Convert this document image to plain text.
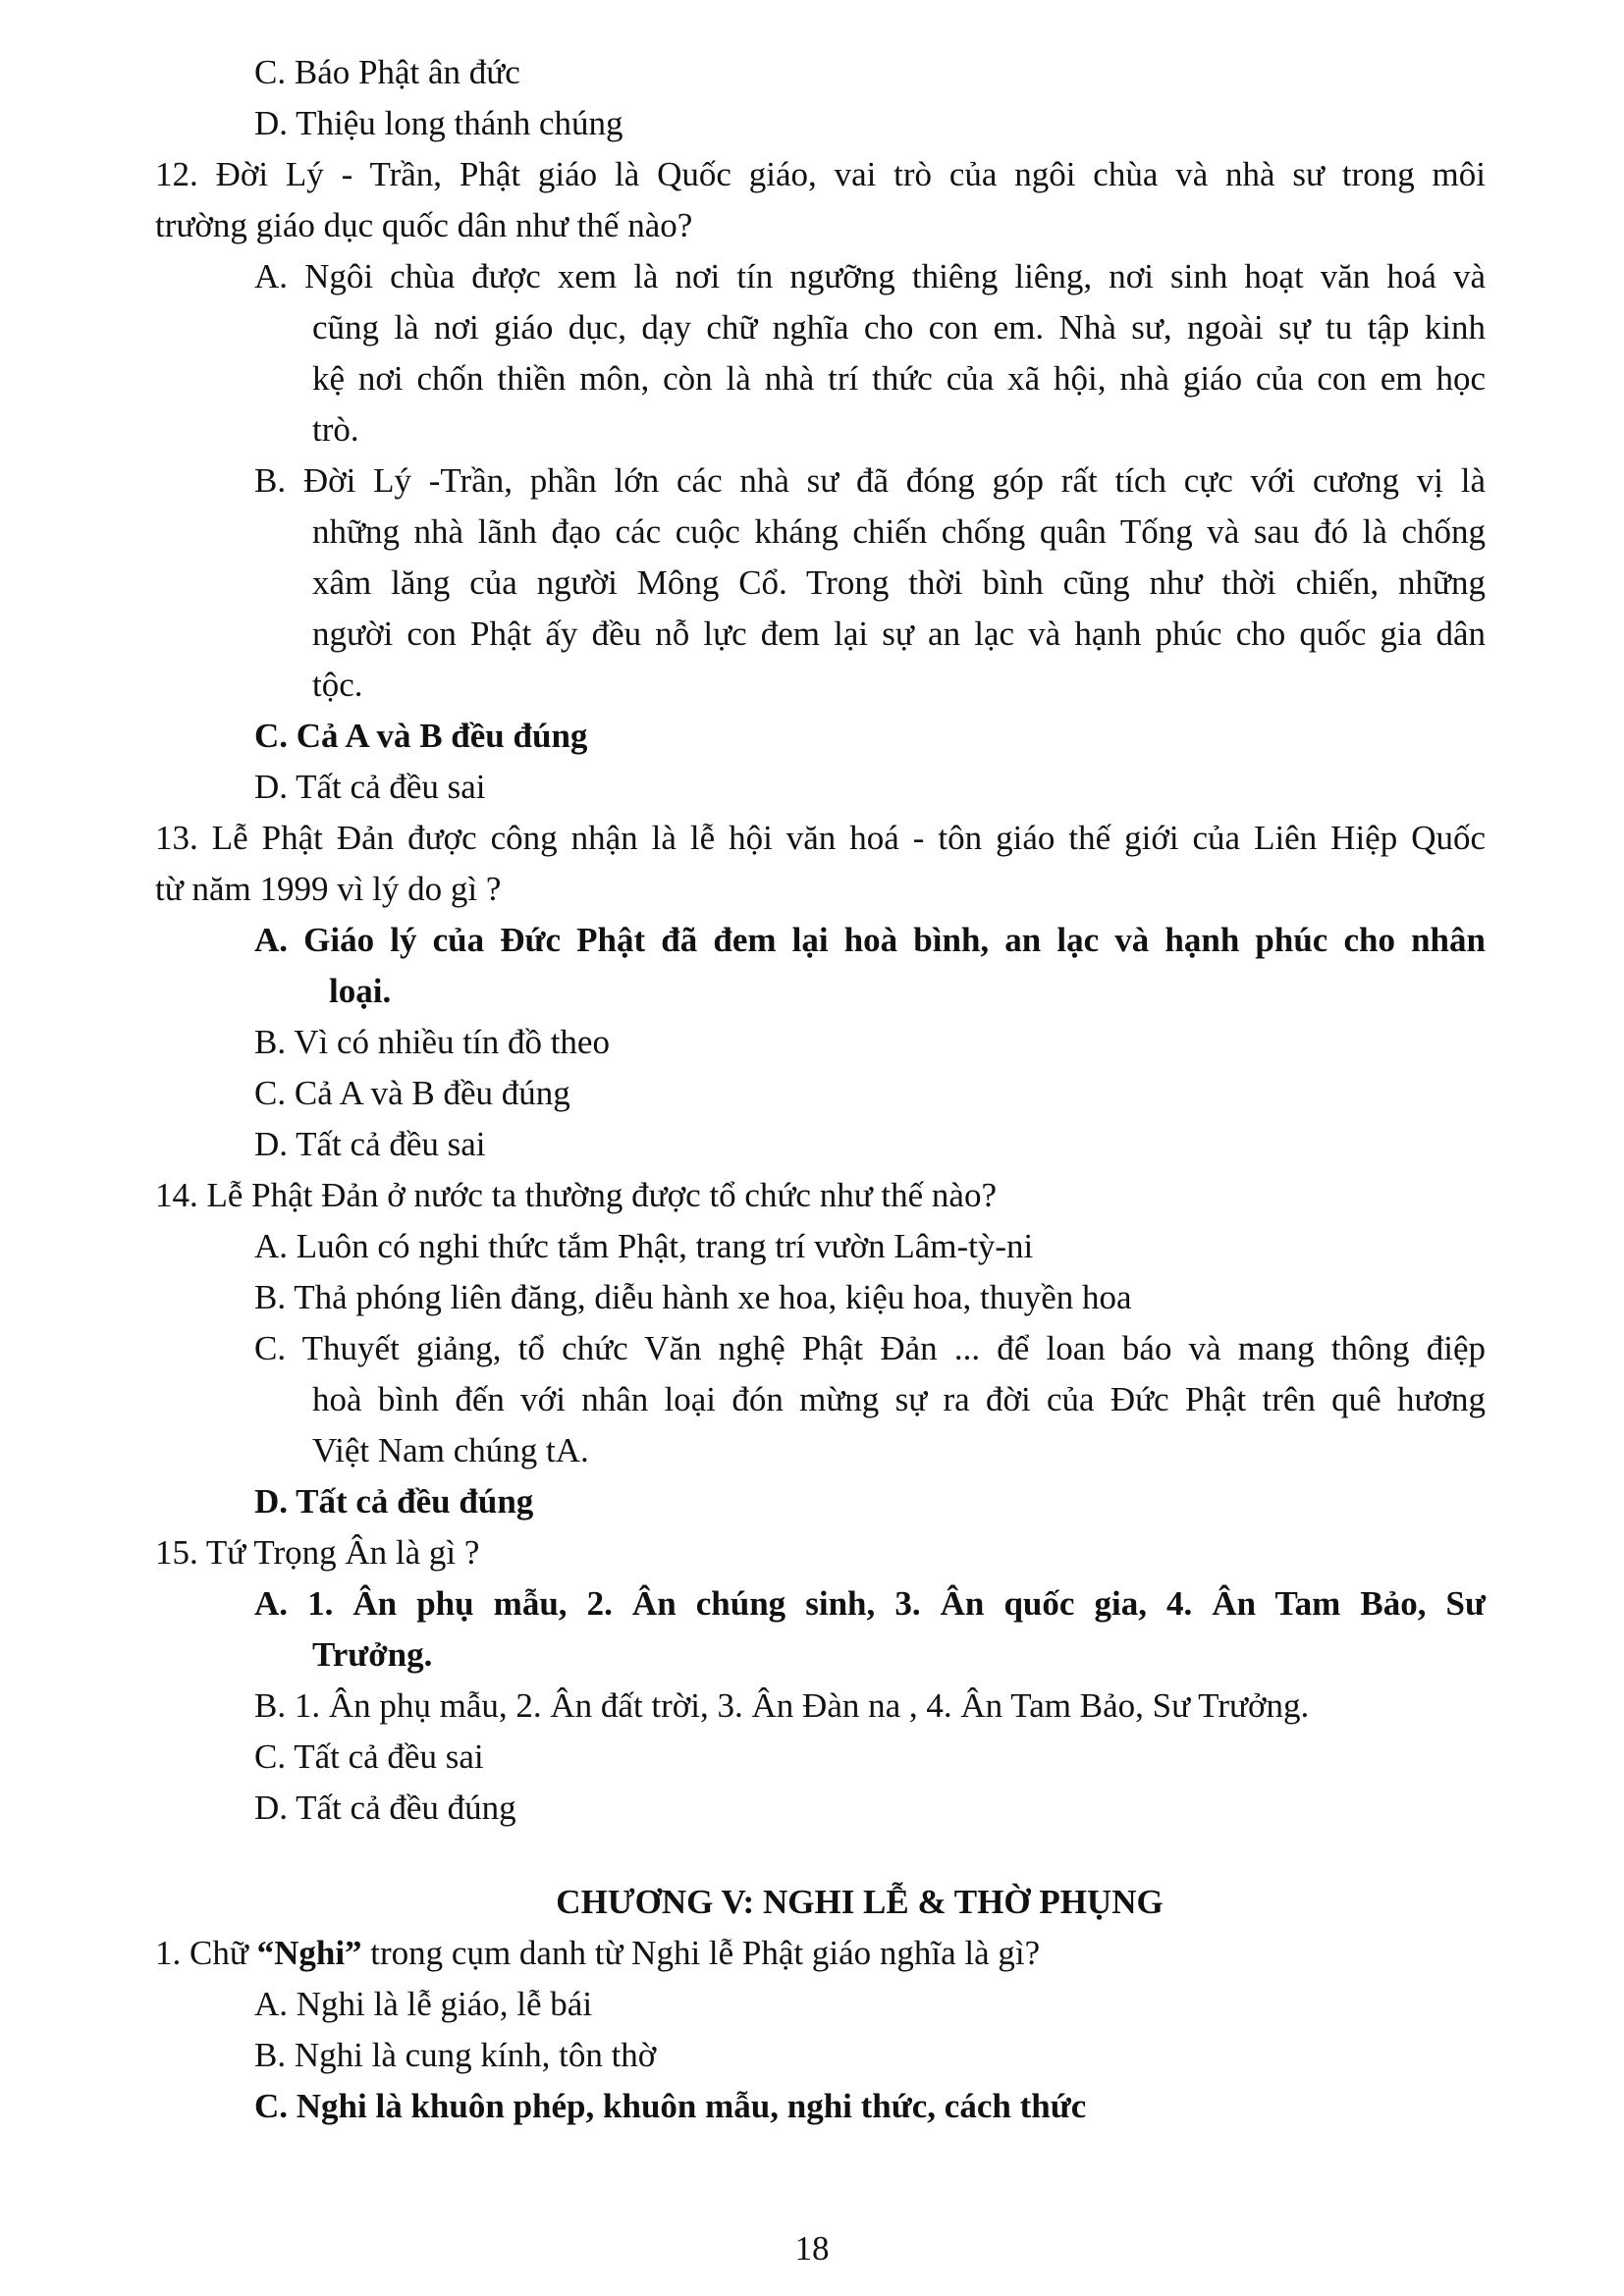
C. Báo Phật ân đức
D. Thiệu long thánh chúng
12. Đời Lý - Trần, Phật giáo là Quốc giáo, vai trò của ngôi chùa và nhà sư trong môi
trường giáo dục quốc dân như thế nào?
A. Ngôi chùa được xem là nơi tín ngưỡng thiêng liêng, nơi sinh hoạt văn hoá và
cũng là nơi giáo dục, dạy chữ nghĩa cho con em. Nhà sư, ngoài sự tu tập kinh
kệ nơi chốn thiền môn, còn là nhà trí thức của xã hội, nhà giáo của con em học
trò.
B. Đời Lý -Trần, phần lớn các nhà sư đã đóng góp rất tích cực với cương vị là
những nhà lãnh đạo các cuộc kháng chiến chống quân Tống và sau đó là chống
xâm lăng của người Mông Cổ. Trong thời bình cũng như thời chiến, những
người con Phật ấy đều nỗ lực đem lại sự an lạc và hạnh phúc cho quốc gia dân
tộc.
C. Cả A và B đều đúng
D. Tất cả đều sai
13. Lễ Phật Đản được công nhận là lễ hội văn hoá - tôn giáo thế giới của Liên Hiệp Quốc
từ năm 1999 vì lý do gì ?
A. Giáo lý của Đức Phật đã đem lại hoà bình, an lạc và hạnh phúc cho nhân
loại.
B. Vì có nhiều tín đồ theo
C. Cả A và B đều đúng
D. Tất cả đều sai
14. Lễ Phật Đản ở nước ta thường được tổ chức như thế nào?
A. Luôn có nghi thức tắm Phật, trang trí vườn Lâm-tỳ-ni
B. Thả phóng liên đăng, diễu hành xe hoa, kiệu hoa, thuyền hoa
C. Thuyết giảng, tổ chức Văn nghệ Phật Đản ... để loan báo và mang thông điệp
hoà bình đến với nhân loại đón mừng sự ra đời của Đức Phật trên quê hương
Việt Nam chúng tA.
D. Tất cả đều đúng
15. Tứ Trọng Ân là gì ?
A. 1. Ân phụ mẫu, 2. Ân chúng sinh, 3. Ân quốc gia, 4. Ân Tam Bảo, Sư
Trưởng.
B. 1. Ân phụ mẫu, 2. Ân đất trời, 3. Ân Đàn na , 4. Ân Tam Bảo, Sư Trưởng.
C. Tất cả đều sai
D. Tất cả đều đúng
CHƯƠNG V: NGHI LỄ & THỜ PHỤNG
1. Chữ “Nghi” trong cụm danh từ Nghi lễ Phật giáo nghĩa là gì?
A. Nghi là lễ giáo, lễ bái
B. Nghi là cung kính, tôn thờ
C. Nghi là khuôn phép, khuôn mẫu, nghi thức, cách thức
18
